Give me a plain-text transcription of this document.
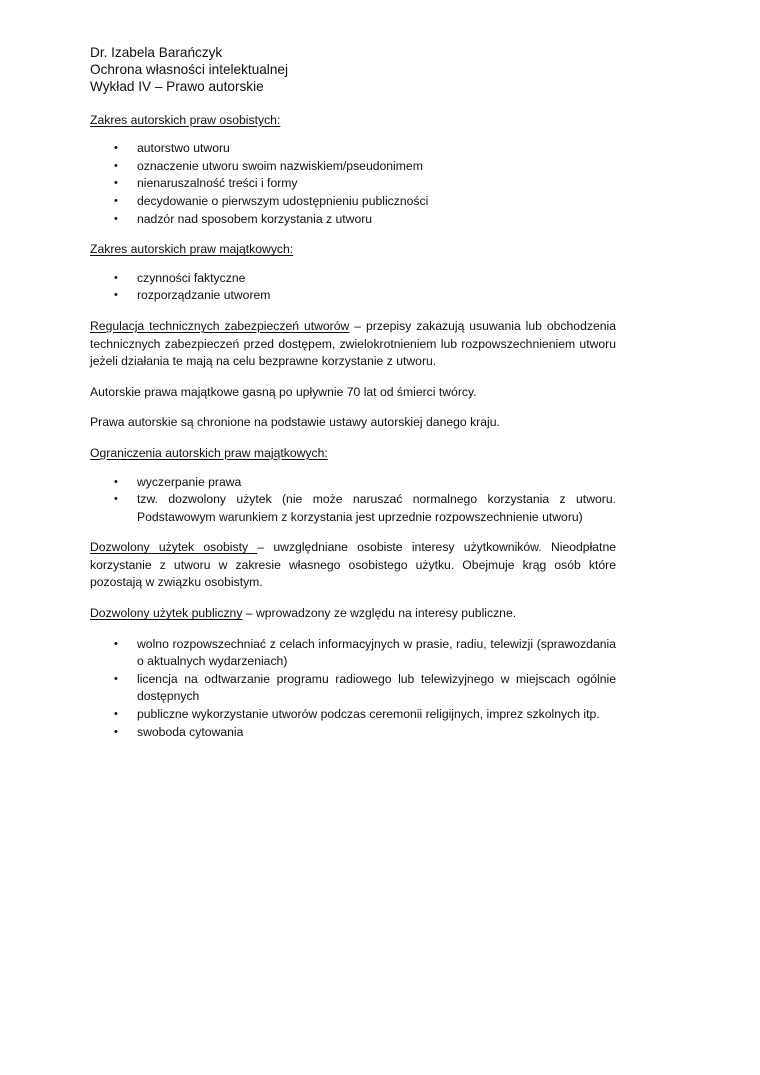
Dr. Izabela Barańczyk

Ochrona własności intelektualnej

Wykład IV – Prawo autorskie

Zakres autorskich praw osobistych:

• autorstwo utworu
• oznaczenie utworu swoim nazwiskiem/pseudonimem
• nienaruszalność treści i formy
• decydowanie o pierwszym udostępnieniu publiczności
• nadzór nad sposobem korzystania z utworu

Zakres autorskich praw majątkowych:

• czynności faktyczne
• rozporządzanie utworem

Regulacja technicznych zabezpieczeń utworów – przepisy zakazują usuwania lub obchodzenia technicznych zabezpieczeń przed dostępem, zwielokrotnieniem lub rozpowszechnieniem utworu jeżeli działania te mają na celu bezprawne korzystanie z utworu.

Autorskie prawa majątkowe gasną po upływnie 70 lat od śmierci twórcy.

Prawa autorskie są chronione na podstawie ustawy autorskiej danego kraju.

Ograniczenia autorskich praw majątkowych:

• wyczerpanie prawa
• tzw. dozwolony użytek (nie może naruszać normalnego korzystania z utworu. Podstawowym warunkiem z korzystania jest uprzednie rozpowszechnienie utworu)

Dozwolony użytek osobisty – uwzględniane osobiste interesy użytkowników. Nieodpłatne korzystanie z utworu w zakresie własnego osobistego użytku. Obejmuje krąg osób które pozostają w związku osobistym.

Dozwolony użytek publiczny – wprowadzony ze względu na interesy publiczne.

• wolno rozpowszechniać z celach informacyjnych w prasie, radiu, telewizji (sprawozdania o aktualnych wydarzeniach)
• licencja na odtwarzanie programu radiowego lub telewizyjnego w miejscach ogólnie dostępnych
• publiczne wykorzystanie utworów podczas ceremonii religijnych, imprez szkolnych itp.
• swoboda cytowania
